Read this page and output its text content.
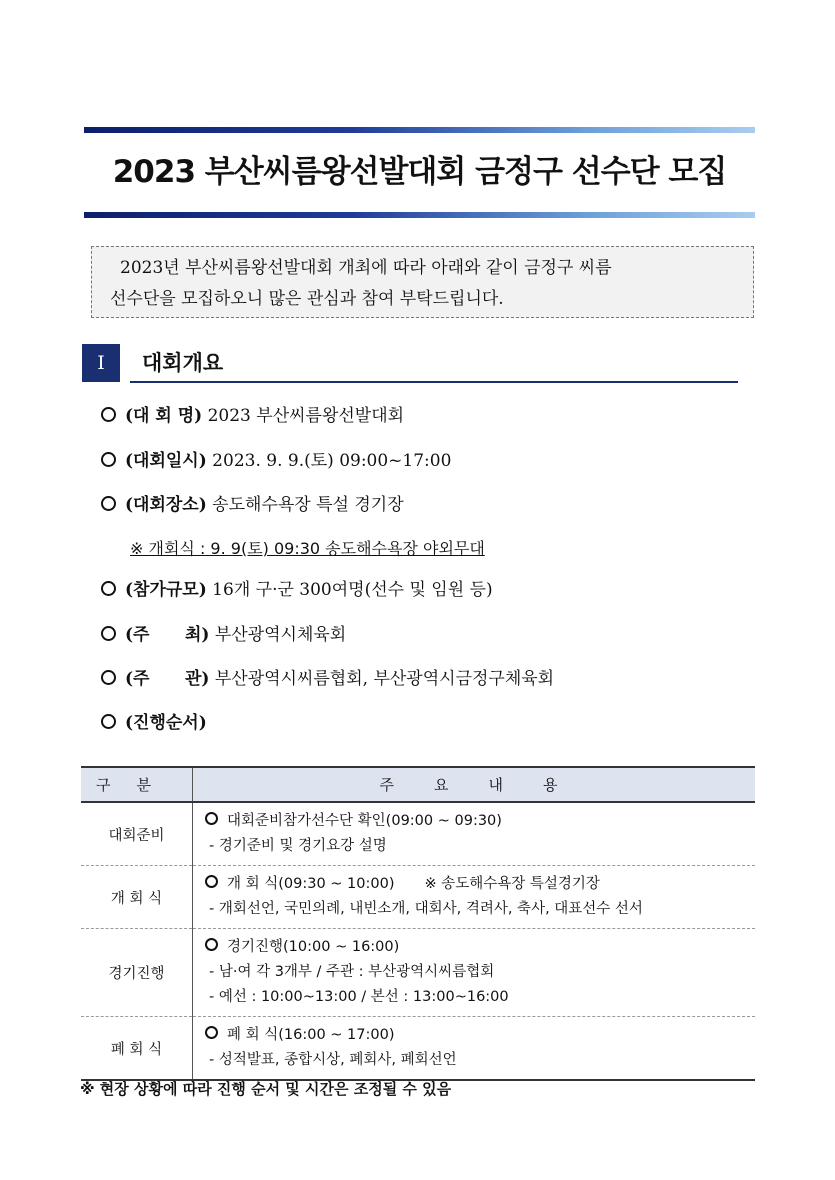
2023 부산씨름왕선발대회 금정구 선수단 모집
2023년 부산씨름왕선발대회 개최에 따라 아래와 같이 금정구 씨름
선수단을 모집하오니 많은 관심과 참여 부탁드립니다.
I	대회개요
(대 회 명) 2023 부산씨름왕선발대회
(대회일시) 2023. 9. 9.(토) 09:00~17:00
(대회장소) 송도해수욕장 특설 경기장
※ 개회식 : 9. 9(토) 09:30 송도해수욕장 야외무대
(참가규모) 16개 구·군 300여명(선수 및 임원 등)
(주      최) 부산광역시체육회
(주      관) 부산광역시씨름협회, 부산광역시금정구체육회
(진행순서)
구분	주요내용
대회준비	대회준비참가선수단 확인(09:00 ~ 09:30)
- 경기준비 및 경기요강 설명

개 회 식	개 회 식(09:30 ~ 10:00) ※ 송도해수욕장 특설경기장
- 개회선언, 국민의례, 내빈소개, 대회사, 격려사, 축사, 대표선수 선서

경기진행	경기진행(10:00 ~ 16:00)
- 남·여 각 3개부 / 주관 : 부산광역시씨름협회
- 예선 : 10:00~13:00 / 본선 : 13:00~16:00

폐 회 식	폐 회 식(16:00 ~ 17:00)
- 성적발표, 종합시상, 폐회사, 폐회선언
※ 현장 상황에 따라 진행 순서 및 시간은 조정될 수 있음
